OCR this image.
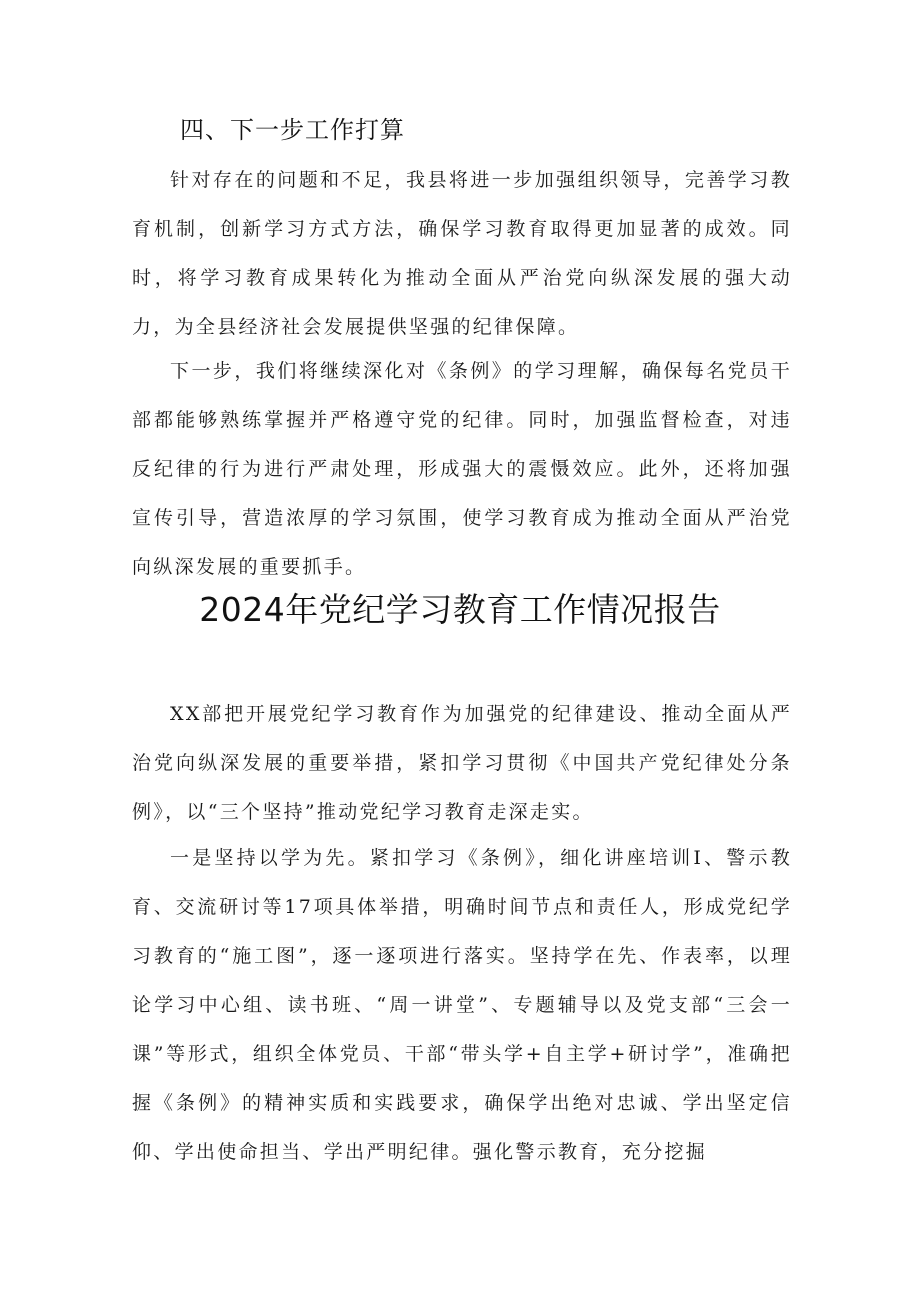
四、下一步工作打算

针对存在的问题和不足，我县将进一步加强组织领导，完善学习教育机制，创新学习方式方法，确保学习教育取得更加显著的成效。同时，将学习教育成果转化为推动全面从严治党向纵深发展的强大动力，为全县经济社会发展提供坚强的纪律保障。

下一步，我们将继续深化对《条例》的学习理解，确保每名党员干部都能够熟练掌握并严格遵守党的纪律。同时，加强监督检查，对违反纪律的行为进行严肃处理，形成强大的震慑效应。此外，还将加强宣传引导，营造浓厚的学习氛围，使学习教育成为推动全面从严治党向纵深发展的重要抓手。

2024年党纪学习教育工作情况报告

XX部把开展党纪学习教育作为加强党的纪律建设、推动全面从严治党向纵深发展的重要举措，紧扣学习贯彻《中国共产党纪律处分条例》，以“三个坚持”推动党纪学习教育走深走实。

一是坚持以学为先。紧扣学习《条例》，细化讲座培训I、警示教育、交流研讨等17项具体举措，明确时间节点和责任人，形成党纪学习教育的“施工图”，逐一逐项进行落实。坚持学在先、作表率，以理论学习中心组、读书班、“周一讲堂”、专题辅导以及党支部“三会一课”等形式，组织全体党员、干部“带头学+自主学+研讨学”，准确把握《条例》的精神实质和实践要求，确保学出绝对忠诚、学出坚定信仰、学出使命担当、学出严明纪律。强化警示教育，充分挖掘
